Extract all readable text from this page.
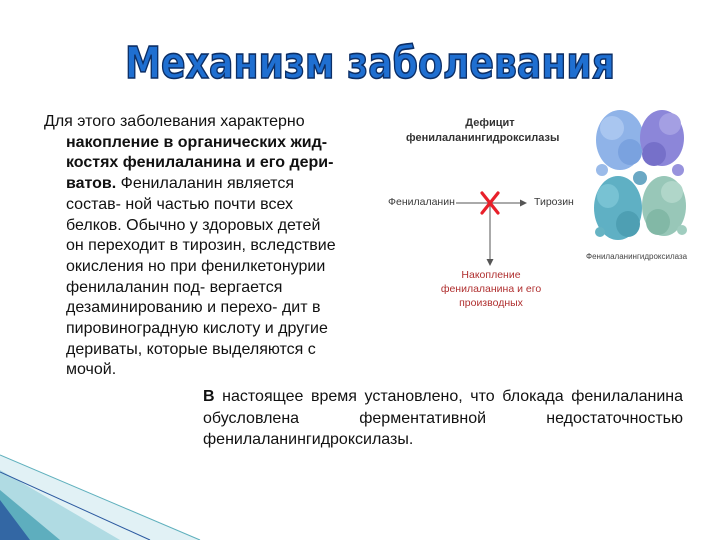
Механизм заболевания
Для этого заболевания характерно
накопление в органических жид-
костях фенилаланина и его дери-
ватов. Фенилаланин является
состав- ной частью почти всех
белков. Обычно у здоровых детей
он переходит в тирозин, вследствие
окисления но при фенилкетонурии
фенилаланин под- вергается
дезаминированию и перехо- дит в
пировиноградную кислоту и другие
дериваты, которые выделяются с
мочой.
Дефицит
фенилаланингидроксилазы
Фенилаланин	Тирозин
Накопление
фенилаланина и его
производных
Фенилаланингидроксилаза
В настоящее время установлено, что блокада фенилаланина обусловлена ферментативной недостаточностью фенилаланингидроксилазы.
